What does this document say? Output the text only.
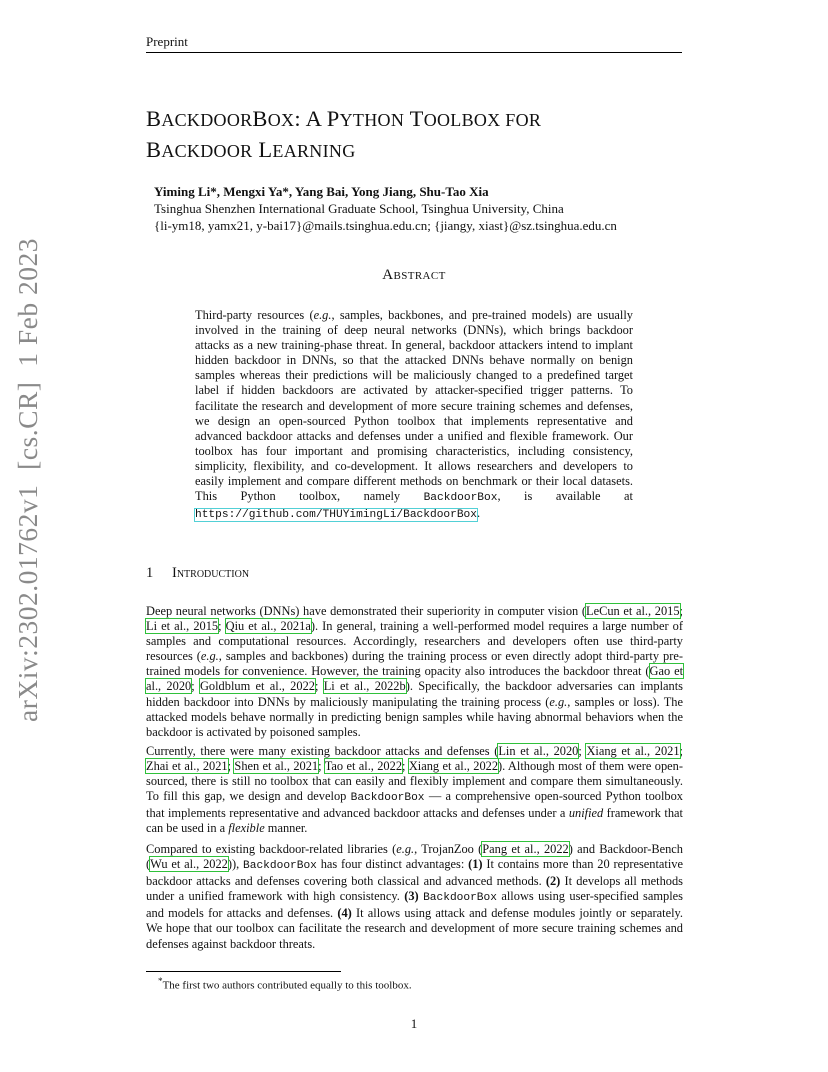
Preprint
BACKDOORBOX: A PYTHON TOOLBOX FOR
BACKDOOR LEARNING
Yiming Li*, Mengxi Ya*, Yang Bai, Yong Jiang, Shu-Tao Xia
Tsinghua Shenzhen International Graduate School, Tsinghua University, China
{li-ym18, yamx21, y-bai17}@mails.tsinghua.edu.cn; {jiangy, xiast}@sz.tsinghua.edu.cn
Abstract
Third-party resources (e.g., samples, backbones, and pre-trained models) are usually involved in the training of deep neural networks (DNNs), which brings backdoor attacks as a new training-phase threat. In general, backdoor attackers intend to implant hidden backdoor in DNNs, so that the attacked DNNs behave normally on benign samples whereas their predictions will be maliciously changed to a predefined target label if hidden backdoors are activated by attacker-specified trigger patterns. To facilitate the research and development of more secure training schemes and defenses, we design an open-sourced Python toolbox that implements representative and advanced backdoor attacks and defenses under a unified and flexible framework. Our toolbox has four important and promising characteristics, including consistency, simplicity, flexibility, and co-development. It allows researchers and developers to easily implement and compare different methods on benchmark or their local datasets. This Python toolbox, namely BackdoorBox, is available at https://github.com/THUYimingLi/BackdoorBox.
1 Introduction
Deep neural networks (DNNs) have demonstrated their superiority in computer vision (LeCun et al., 2015; Li et al., 2015; Qiu et al., 2021a). In general, training a well-performed model requires a large number of samples and computational resources. Accordingly, researchers and developers often use third-party resources (e.g., samples and backbones) during the training process or even directly adopt third-party pre-trained models for convenience. However, the training opacity also introduces the backdoor threat (Gao et al., 2020; Goldblum et al., 2022; Li et al., 2022b). Specifically, the backdoor adversaries can implants hidden backdoor into DNNs by maliciously manipulating the training process (e.g., samples or loss). The attacked models behave normally in predicting benign samples while having abnormal behaviors when the backdoor is activated by poisoned samples.
Currently, there were many existing backdoor attacks and defenses (Lin et al., 2020; Xiang et al., 2021; Zhai et al., 2021; Shen et al., 2021; Tao et al., 2022; Xiang et al., 2022). Although most of them were open-sourced, there is still no toolbox that can easily and flexibly implement and compare them simultaneously. To fill this gap, we design and develop BackdoorBox — a comprehensive open-sourced Python toolbox that implements representative and advanced backdoor attacks and defenses under a unified framework that can be used in a flexible manner.
Compared to existing backdoor-related libraries (e.g., TrojanZoo (Pang et al., 2022) and Backdoor-Bench (Wu et al., 2022)), BackdoorBox has four distinct advantages: (1) It contains more than 20 representative backdoor attacks and defenses covering both classical and advanced methods. (2) It develops all methods under a unified framework with high consistency. (3) BackdoorBox allows using user-specified samples and models for attacks and defenses. (4) It allows using attack and defense modules jointly or separately. We hope that our toolbox can facilitate the research and development of more secure training schemes and defenses against backdoor threats.
*The first two authors contributed equally to this toolbox.
1
arXiv:2302.01762v1  [cs.CR]  1 Feb 2023
